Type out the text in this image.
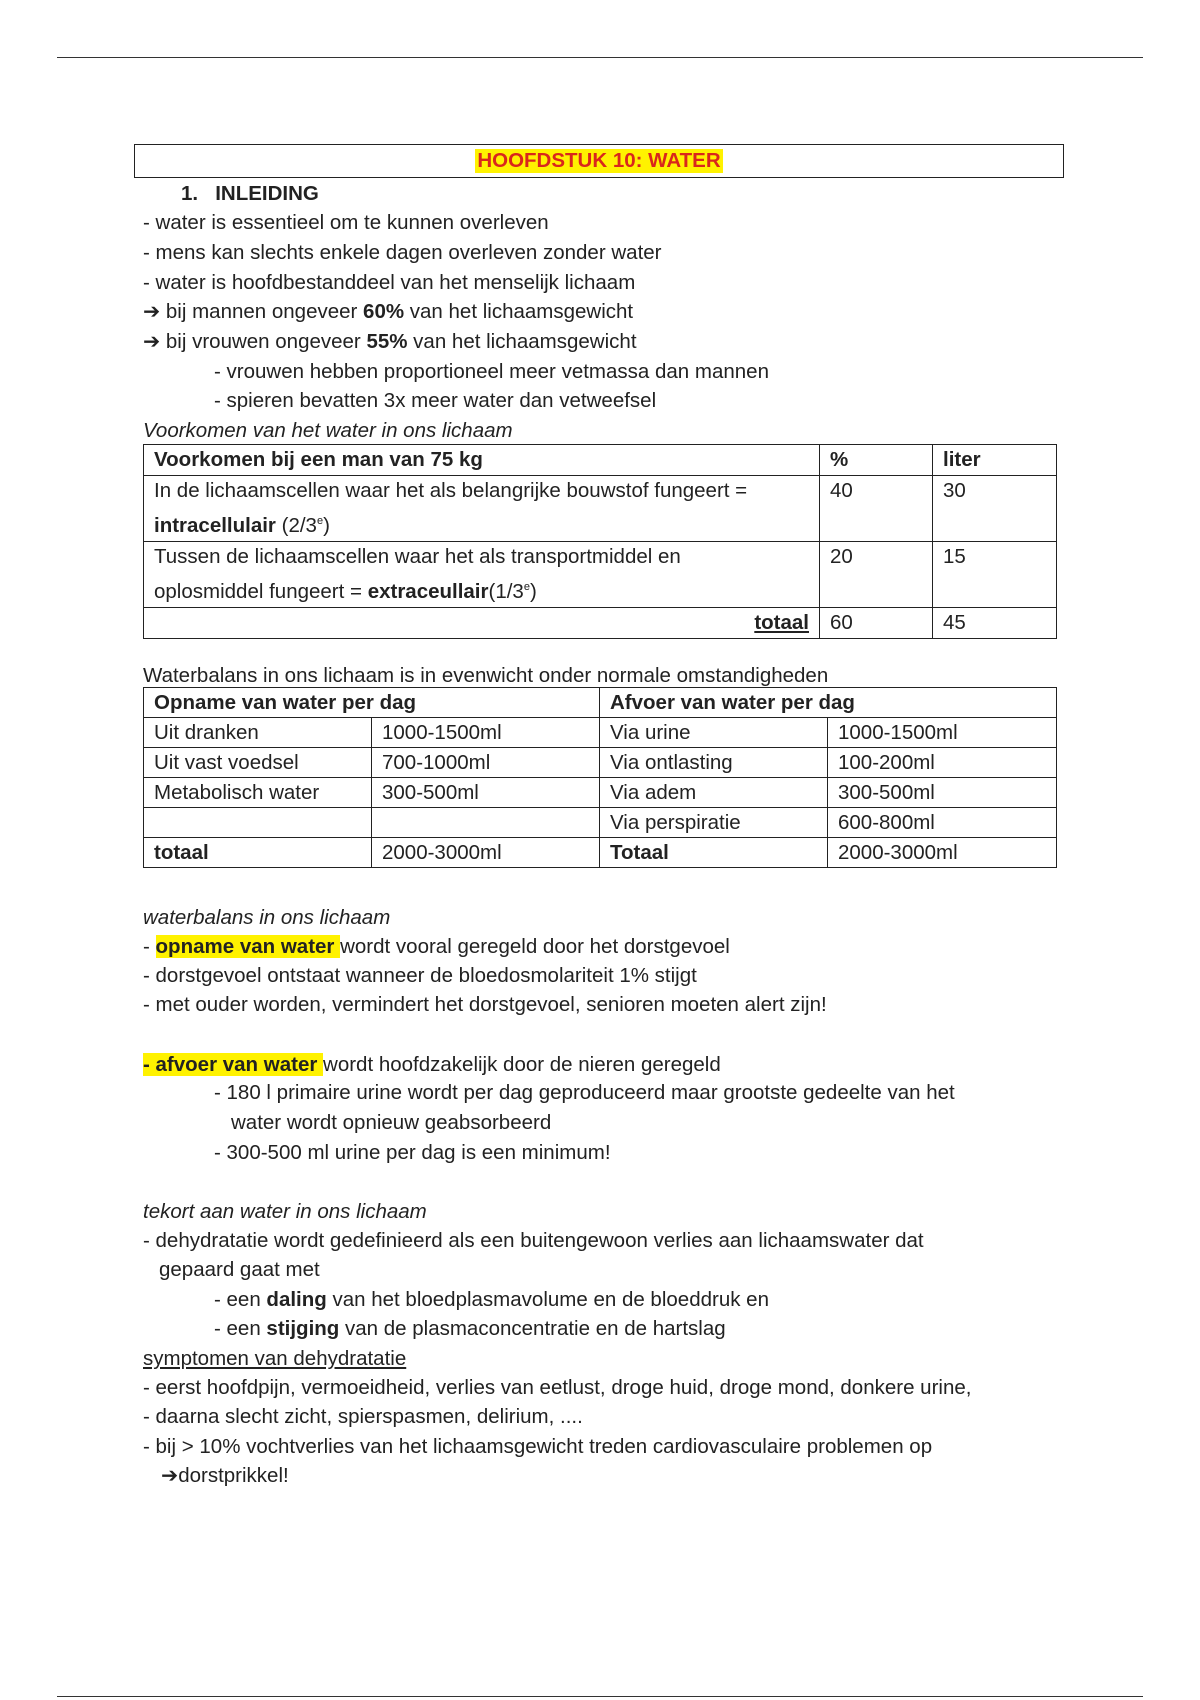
HOOFDSTUK 10: WATER
1. INLEIDING
- water is essentieel om te kunnen overleven
- mens kan slechts enkele dagen overleven zonder water
- water is hoofdbestanddeel van het menselijk lichaam
➔ bij mannen ongeveer 60% van het lichaamsgewicht
➔ bij vrouwen ongeveer 55% van het lichaamsgewicht
- vrouwen hebben proportioneel meer vetmassa dan mannen
- spieren bevatten 3x meer water dan vetweefsel
Voorkomen van het water in ons lichaam
Waterbalans in ons lichaam is in evenwicht onder normale omstandigheden
waterbalans in ons lichaam
- opname van water wordt vooral geregeld door het dorstgevoel
- dorstgevoel ontstaat wanneer de bloedosmolariteit 1% stijgt
- met ouder worden, vermindert het dorstgevoel, senioren moeten alert zijn!
- afvoer van water wordt hoofdzakelijk door de nieren geregeld
- 180 l primaire urine wordt per dag geproduceerd maar grootste gedeelte van het
water wordt opnieuw geabsorbeerd
- 300-500 ml urine per dag is een minimum!
tekort aan water in ons lichaam
- dehydratatie wordt gedefinieerd als een buitengewoon verlies aan lichaamswater dat
gepaard gaat met
- een daling van het bloedplasmavolume en de bloeddruk en
- een stijging van de plasmaconcentratie en de hartslag
symptomen van dehydratatie
- eerst hoofdpijn, vermoeidheid, verlies van eetlust, droge huid, droge mond, donkere urine,
- daarna slecht zicht, spierspasmen, delirium, ....
- bij > 10% vochtverlies van het lichaamsgewicht treden cardiovasculaire problemen op
➔dorstprikkel!
Voorkomen bij een man van 75 kg	%	liter
In de lichaamscellen waar het als belangrijke bouwstof fungeert =
intracellulair (2/3e)	40	30
Tussen de lichaamscellen waar het als transportmiddel en
oplosmiddel fungeert = $extraceullair(1/3^e)$	20	15
totaal	60	45
Opname van water per dag		Afvoer van water per dag	
Uit dranken	1000-1500ml	Via urine	1000-1500ml
Uit vast voedsel	700-1000ml	Via ontlasting	100-200ml
Metabolisch water	300-500ml	Via adem	300-500ml
		Via perspiratie	600-800ml
totaal	2000-3000ml	Totaal	2000-3000ml
